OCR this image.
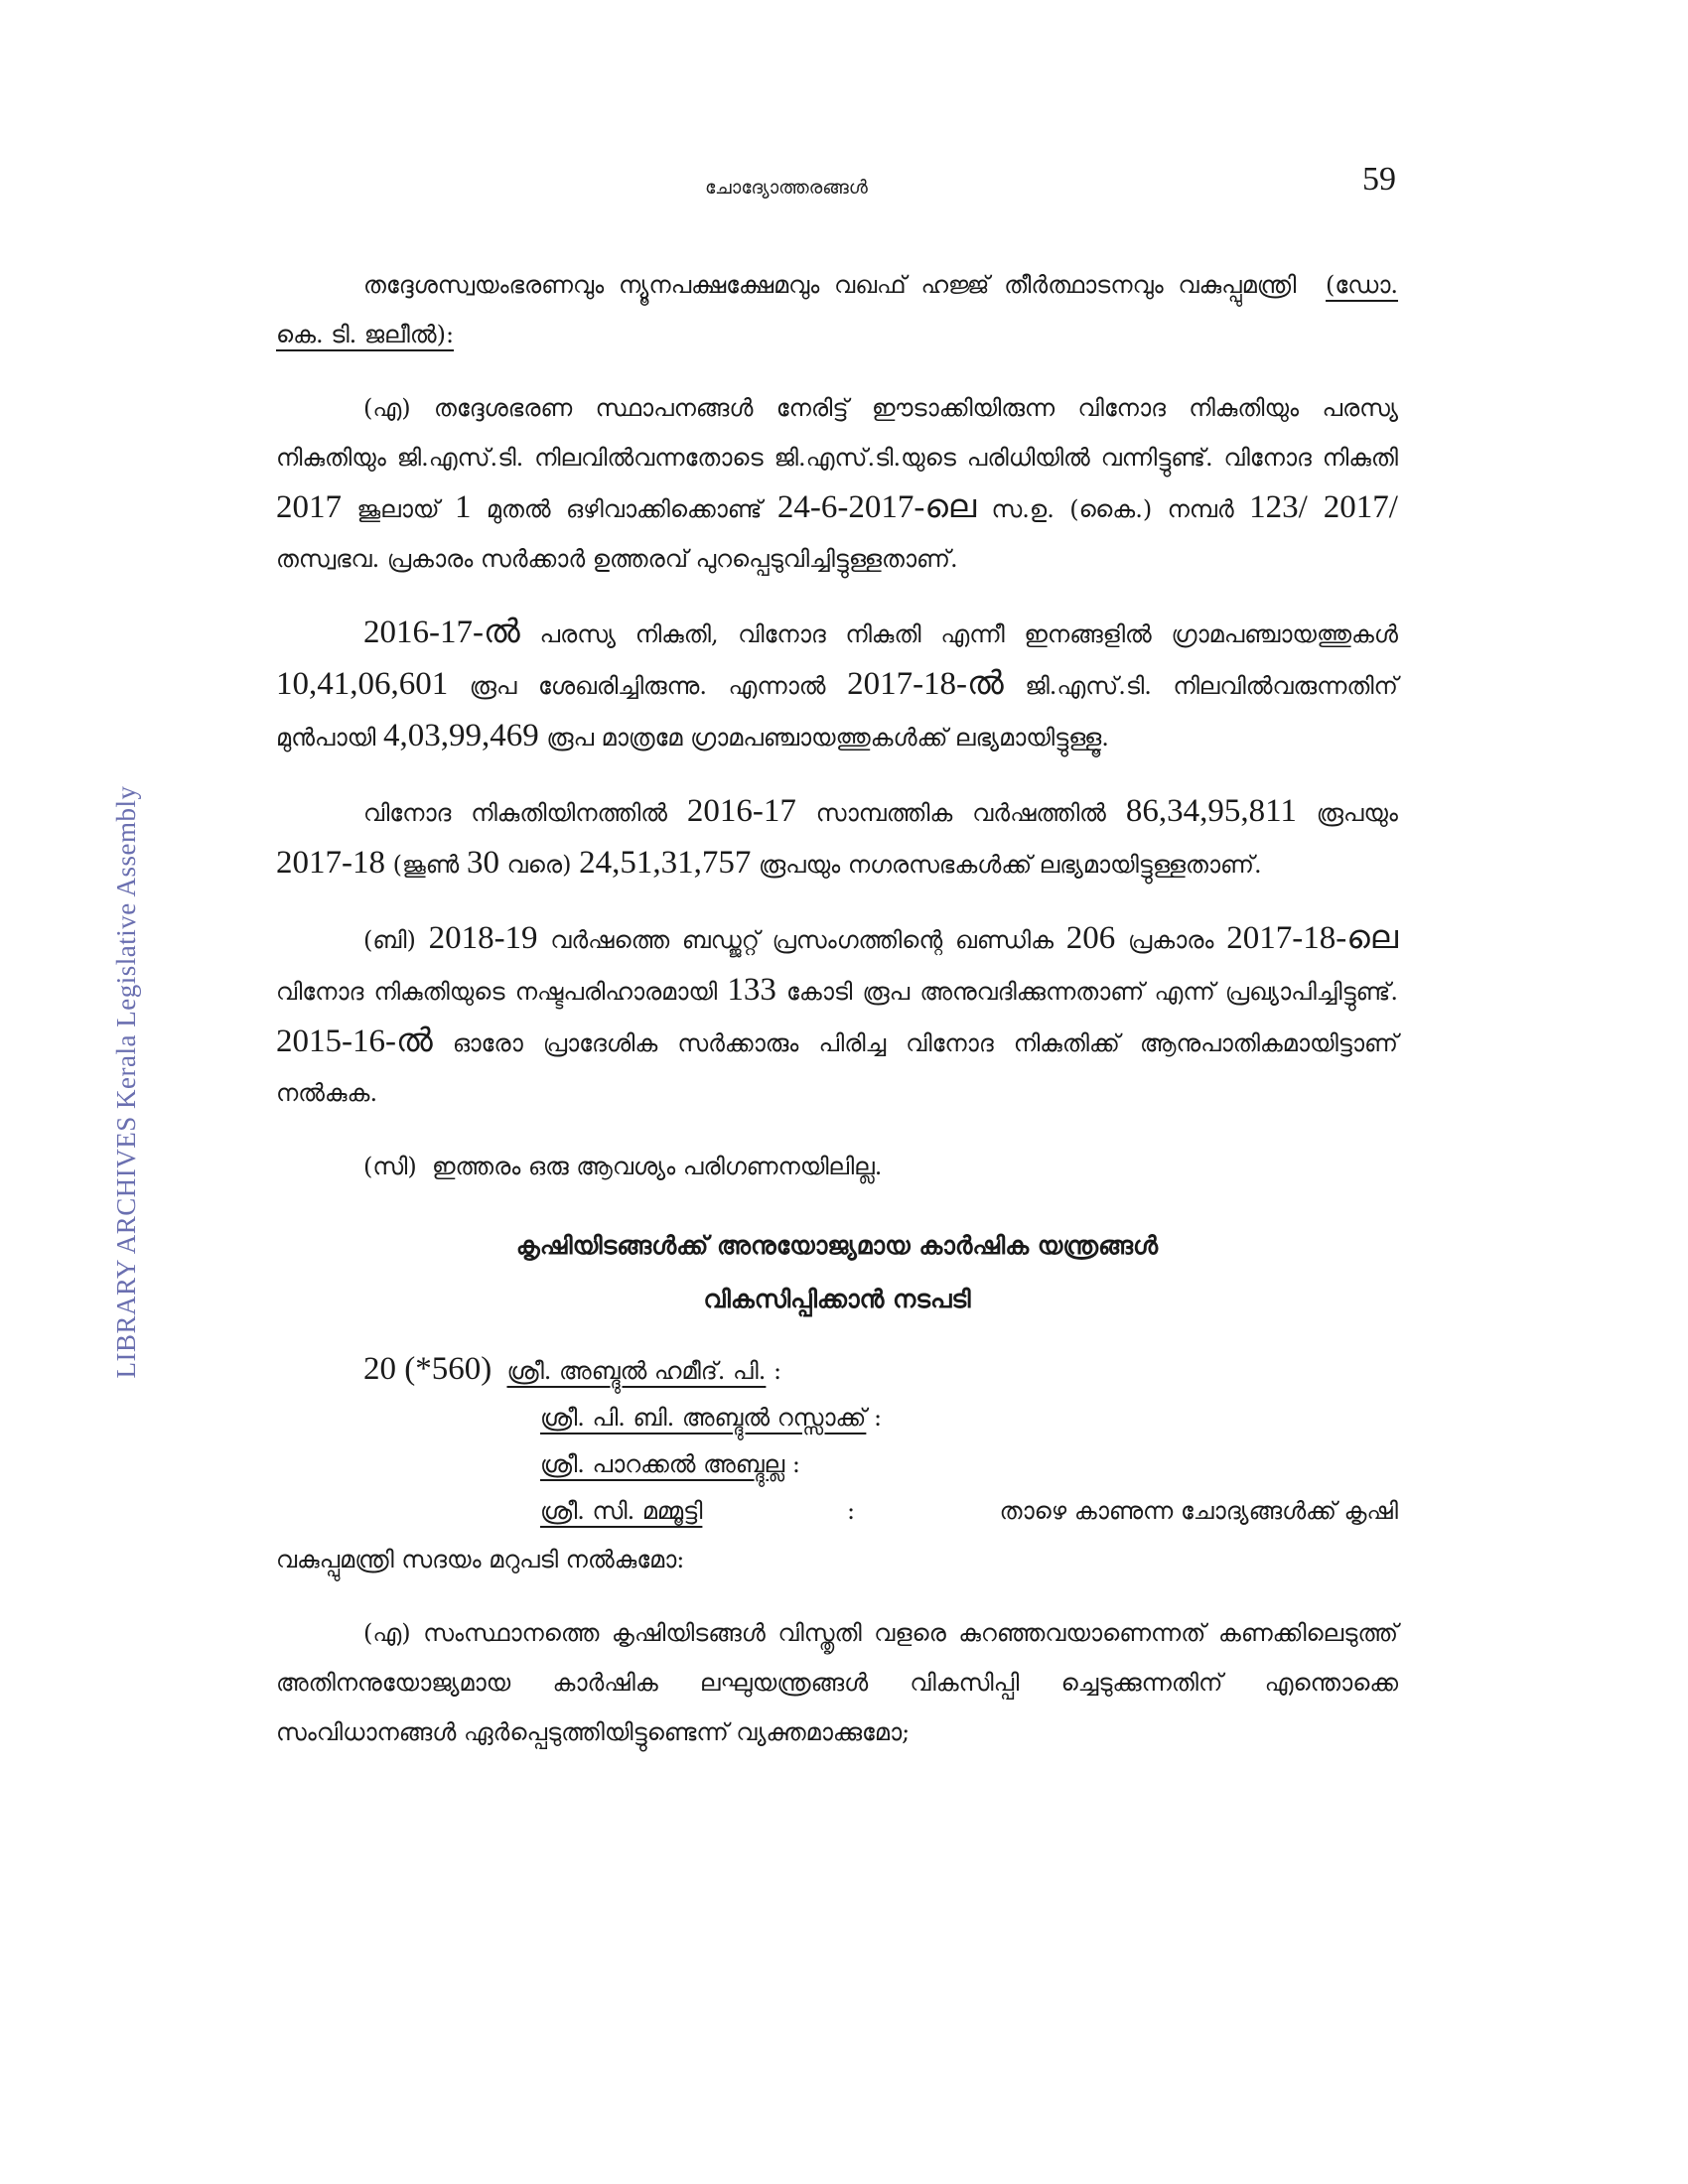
LIBRARY ARCHIVES Kerala Legislative Assembly
ചോദ്യോത്തരങ്ങൾ	59

തദ്ദേശസ്വയംഭരണവും ന്യൂനപക്ഷക്ഷേമവും വഖഫ് ഹജ്ജ് തീർത്ഥാടനവും വകുപ്പുമന്ത്രി (ഡോ. കെ. ടി. ജലീൽ):

(എ) തദ്ദേശഭരണ സ്ഥാപനങ്ങൾ നേരിട്ട് ഈടാക്കിയിരുന്ന വിനോദ നികുതിയും പരസ്യ നികുതിയും ജി.എസ്.ടി. നിലവിൽവന്നതോടെ ജി.എസ്.ടി.യുടെ പരിധിയിൽ വന്നിട്ടുണ്ട്. വിനോദ നികുതി 2017 ജൂലായ് 1 മുതൽ ഒഴിവാക്കിക്കൊണ്ട് 24-6-2017-ലെ സ.ഉ. (കൈ.) നമ്പർ 123/ 2017/തസ്വഭവ. പ്രകാരം സർക്കാർ ഉത്തരവ് പുറപ്പെടുവിച്ചിട്ടുള്ളതാണ്.

2016-17-ൽ പരസ്യ നികുതി, വിനോദ നികുതി എന്നീ ഇനങ്ങളിൽ ഗ്രാമപഞ്ചായത്തുകൾ 10,41,06,601 രൂപ ശേഖരിച്ചിരുന്നു. എന്നാൽ 2017-18-ൽ ജി.എസ്.ടി. നിലവിൽവരുന്നതിന് മുൻപായി 4,03,99,469 രൂപ മാത്രമേ ഗ്രാമപഞ്ചായത്തുകൾക്ക് ലഭ്യമായിട്ടുള്ളൂ.

വിനോദ നികുതിയിനത്തിൽ 2016-17 സാമ്പത്തിക വർഷത്തിൽ 86,34,95,811 രൂപയും 2017-18 (ജൂൺ 30 വരെ) 24,51,31,757 രൂപയും നഗരസഭകൾക്ക് ലഭ്യമായിട്ടുള്ളതാണ്.

(ബി) 2018-19 വർഷത്തെ ബഡ്ജറ്റ് പ്രസംഗത്തിന്റെ ഖണ്ഡിക 206 പ്രകാരം 2017-18-ലെ വിനോദ നികുതിയുടെ നഷ്ടപരിഹാരമായി 133 കോടി രൂപ അനുവദിക്കുന്നതാണ് എന്ന് പ്രഖ്യാപിച്ചിട്ടുണ്ട്. 2015-16-ൽ ഓരോ പ്രാദേശിക സർക്കാരും പിരിച്ച വിനോദ നികുതിക്ക് ആനുപാതികമായിട്ടാണ് നൽകുക.

(സി) ഇത്തരം ഒരു ആവശ്യം പരിഗണനയിലില്ല.

കൃഷിയിടങ്ങൾക്ക് അനുയോജ്യമായ കാർഷിക യന്ത്രങ്ങൾ
വികസിപ്പിക്കാൻ നടപടി
20 (*560) ശ്രീ. അബ്ദുൽ ഹമീദ്. പി. :
ശ്രീ. പി. ബി. അബ്ദുൽ റസ്സാക്ക് :
ശ്രീ. പാറക്കൽ അബ്ദുല്ല :
ശ്രീ. സി. മമ്മൂട്ടി	:	താഴെ കാണുന്ന ചോദ്യങ്ങൾക്ക് കൃഷി

വകുപ്പുമന്ത്രി സദയം മറുപടി നൽകുമോ:

(എ) സംസ്ഥാനത്തെ കൃഷിയിടങ്ങൾ വിസ്തൃതി വളരെ കുറഞ്ഞവയാണെന്നത് കണക്കിലെടുത്ത് അതിനനുയോജ്യമായ കാർഷിക ലഘുയന്ത്രങ്ങൾ വികസിപ്പി ച്ചെടുക്കുന്നതിന് എന്തൊക്കെ സംവിധാനങ്ങൾ ഏർപ്പെടുത്തിയിട്ടുണ്ടെന്ന് വ്യക്തമാക്കുമോ;
